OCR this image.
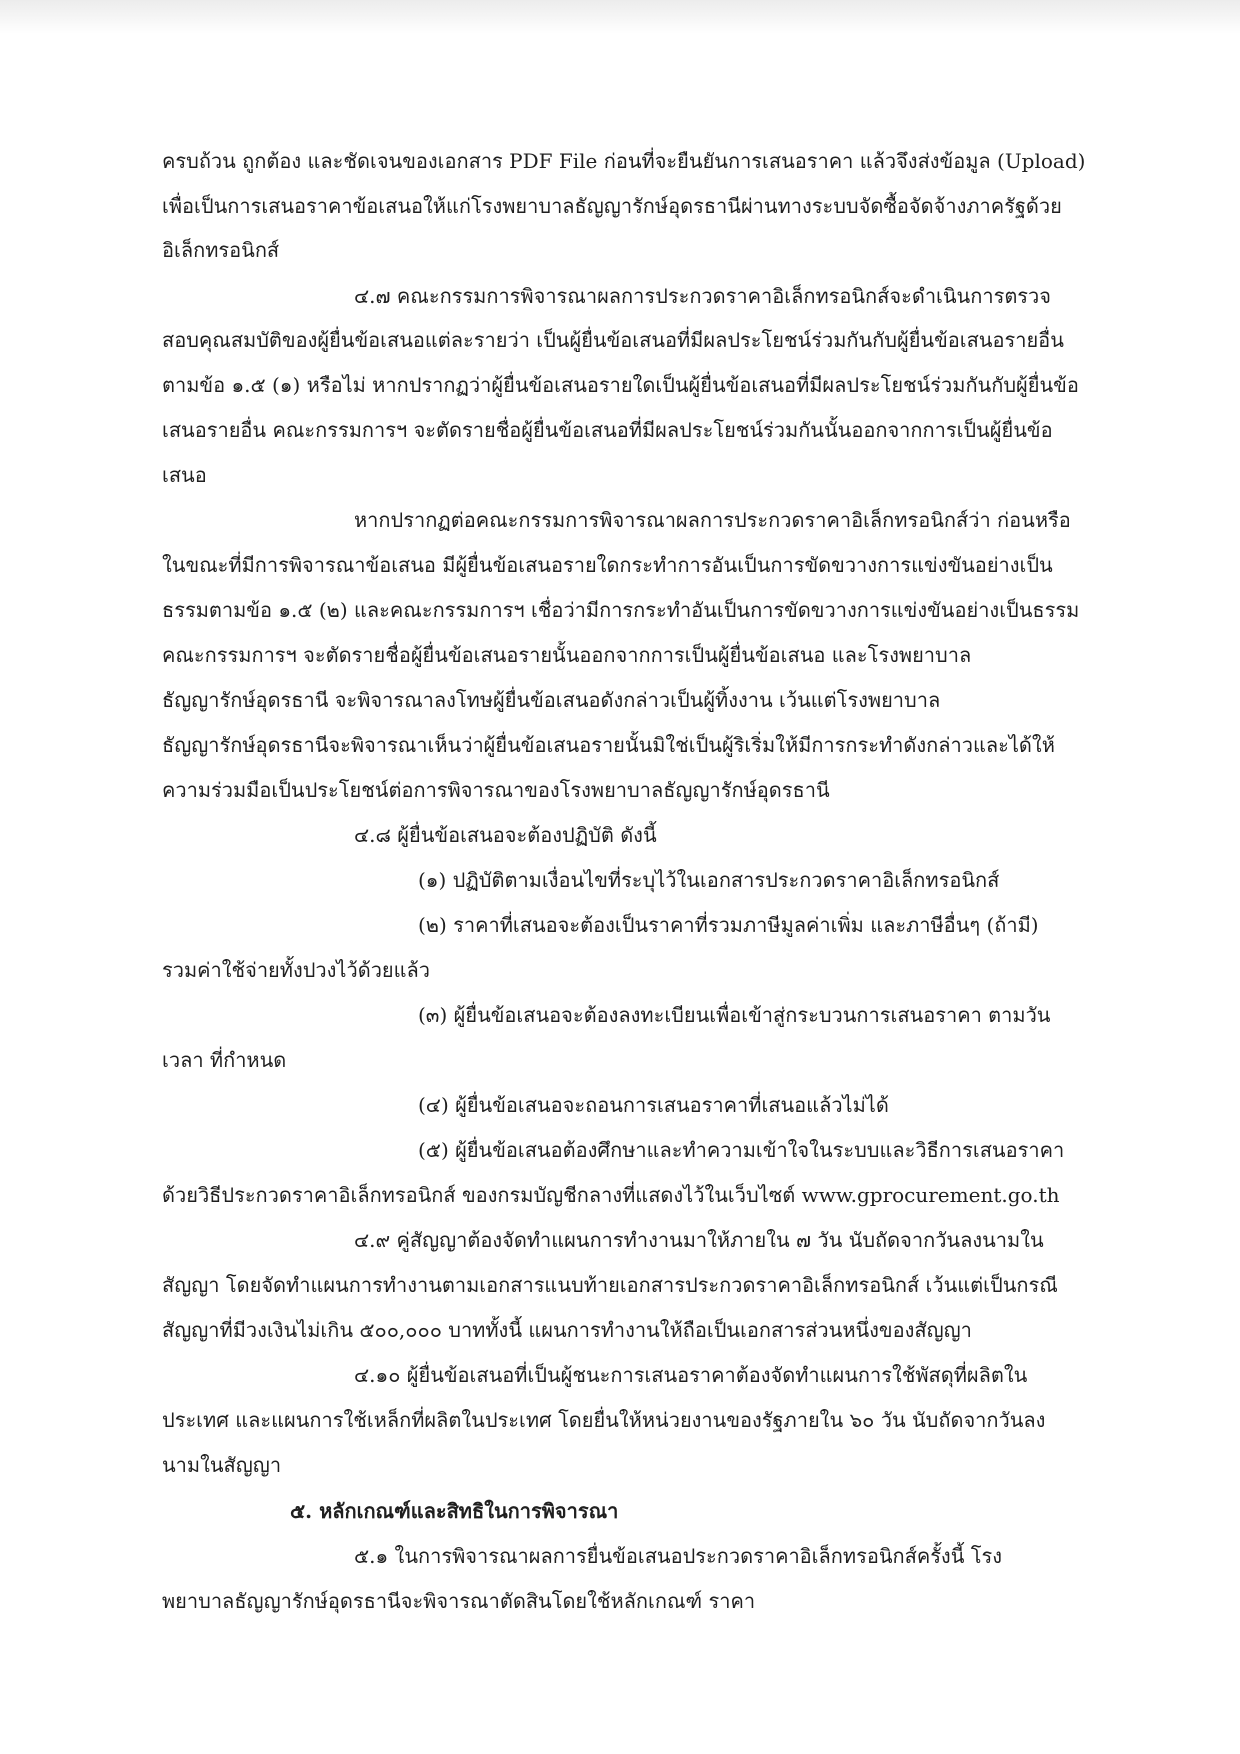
ครบถ้วน ถูกต้อง และชัดเจนของเอกสาร PDF File ก่อนที่จะยืนยันการเสนอราคา แล้วจึงส่งข้อมูล (Upload)
เพื่อเป็นการเสนอราคาข้อเสนอให้แก่โรงพยาบาลธัญญารักษ์อุดรธานีผ่านทางระบบจัดซื้อจัดจ้างภาครัฐด้วย
อิเล็กทรอนิกส์
๔.๗ คณะกรรมการพิจารณาผลการประกวดราคาอิเล็กทรอนิกส์จะดำเนินการตรวจ
สอบคุณสมบัติของผู้ยื่นข้อเสนอแต่ละรายว่า เป็นผู้ยื่นข้อเสนอที่มีผลประโยชน์ร่วมกันกับผู้ยื่นข้อเสนอรายอื่น
ตามข้อ ๑.๕ (๑) หรือไม่ หากปรากฏว่าผู้ยื่นข้อเสนอรายใดเป็นผู้ยื่นข้อเสนอที่มีผลประโยชน์ร่วมกันกับผู้ยื่นข้อ
เสนอรายอื่น คณะกรรมการฯ จะตัดรายชื่อผู้ยื่นข้อเสนอที่มีผลประโยชน์ร่วมกันนั้นออกจากการเป็นผู้ยื่นข้อ
เสนอ
หากปรากฏต่อคณะกรรมการพิจารณาผลการประกวดราคาอิเล็กทรอนิกส์ว่า ก่อนหรือ
ในขณะที่มีการพิจารณาข้อเสนอ มีผู้ยื่นข้อเสนอรายใดกระทำการอันเป็นการขัดขวางการแข่งขันอย่างเป็น
ธรรมตามข้อ ๑.๕ (๒) และคณะกรรมการฯ เชื่อว่ามีการกระทำอันเป็นการขัดขวางการแข่งขันอย่างเป็นธรรม
คณะกรรมการฯ จะตัดรายชื่อผู้ยื่นข้อเสนอรายนั้นออกจากการเป็นผู้ยื่นข้อเสนอ และโรงพยาบาล
ธัญญารักษ์อุดรธานี จะพิจารณาลงโทษผู้ยื่นข้อเสนอดังกล่าวเป็นผู้ทิ้งงาน เว้นแต่โรงพยาบาล
ธัญญารักษ์อุดรธานีจะพิจารณาเห็นว่าผู้ยื่นข้อเสนอรายนั้นมิใช่เป็นผู้ริเริ่มให้มีการกระทำดังกล่าวและได้ให้
ความร่วมมือเป็นประโยชน์ต่อการพิจารณาของโรงพยาบาลธัญญารักษ์อุดรธานี
๔.๘ ผู้ยื่นข้อเสนอจะต้องปฏิบัติ ดังนี้
(๑) ปฏิบัติตามเงื่อนไขที่ระบุไว้ในเอกสารประกวดราคาอิเล็กทรอนิกส์
(๒) ราคาที่เสนอจะต้องเป็นราคาที่รวมภาษีมูลค่าเพิ่ม และภาษีอื่นๆ (ถ้ามี)
รวมค่าใช้จ่ายทั้งปวงไว้ด้วยแล้ว
(๓) ผู้ยื่นข้อเสนอจะต้องลงทะเบียนเพื่อเข้าสู่กระบวนการเสนอราคา ตามวัน
เวลา ที่กำหนด
(๔) ผู้ยื่นข้อเสนอจะถอนการเสนอราคาที่เสนอแล้วไม่ได้
(๕) ผู้ยื่นข้อเสนอต้องศึกษาและทำความเข้าใจในระบบและวิธีการเสนอราคา
ด้วยวิธีประกวดราคาอิเล็กทรอนิกส์ ของกรมบัญชีกลางที่แสดงไว้ในเว็บไซต์ www.gprocurement.go.th
๔.๙ คู่สัญญาต้องจัดทำแผนการทำงานมาให้ภายใน ๗ วัน นับถัดจากวันลงนามใน
สัญญา โดยจัดทำแผนการทำงานตามเอกสารแนบท้ายเอกสารประกวดราคาอิเล็กทรอนิกส์ เว้นแต่เป็นกรณี
สัญญาที่มีวงเงินไม่เกิน ๕๐๐,๐๐๐ บาททั้งนี้ แผนการทำงานให้ถือเป็นเอกสารส่วนหนึ่งของสัญญา
๔.๑๐ ผู้ยื่นข้อเสนอที่เป็นผู้ชนะการเสนอราคาต้องจัดทำแผนการใช้พัสดุที่ผลิตใน
ประเทศ และแผนการใช้เหล็กที่ผลิตในประเทศ โดยยื่นให้หน่วยงานของรัฐภายใน ๖๐ วัน นับถัดจากวันลง
นามในสัญญา
๕. หลักเกณฑ์และสิทธิในการพิจารณา
๕.๑ ในการพิจารณาผลการยื่นข้อเสนอประกวดราคาอิเล็กทรอนิกส์ครั้งนี้ โรง
พยาบาลธัญญารักษ์อุดรธานีจะพิจารณาตัดสินโดยใช้หลักเกณฑ์ ราคา
